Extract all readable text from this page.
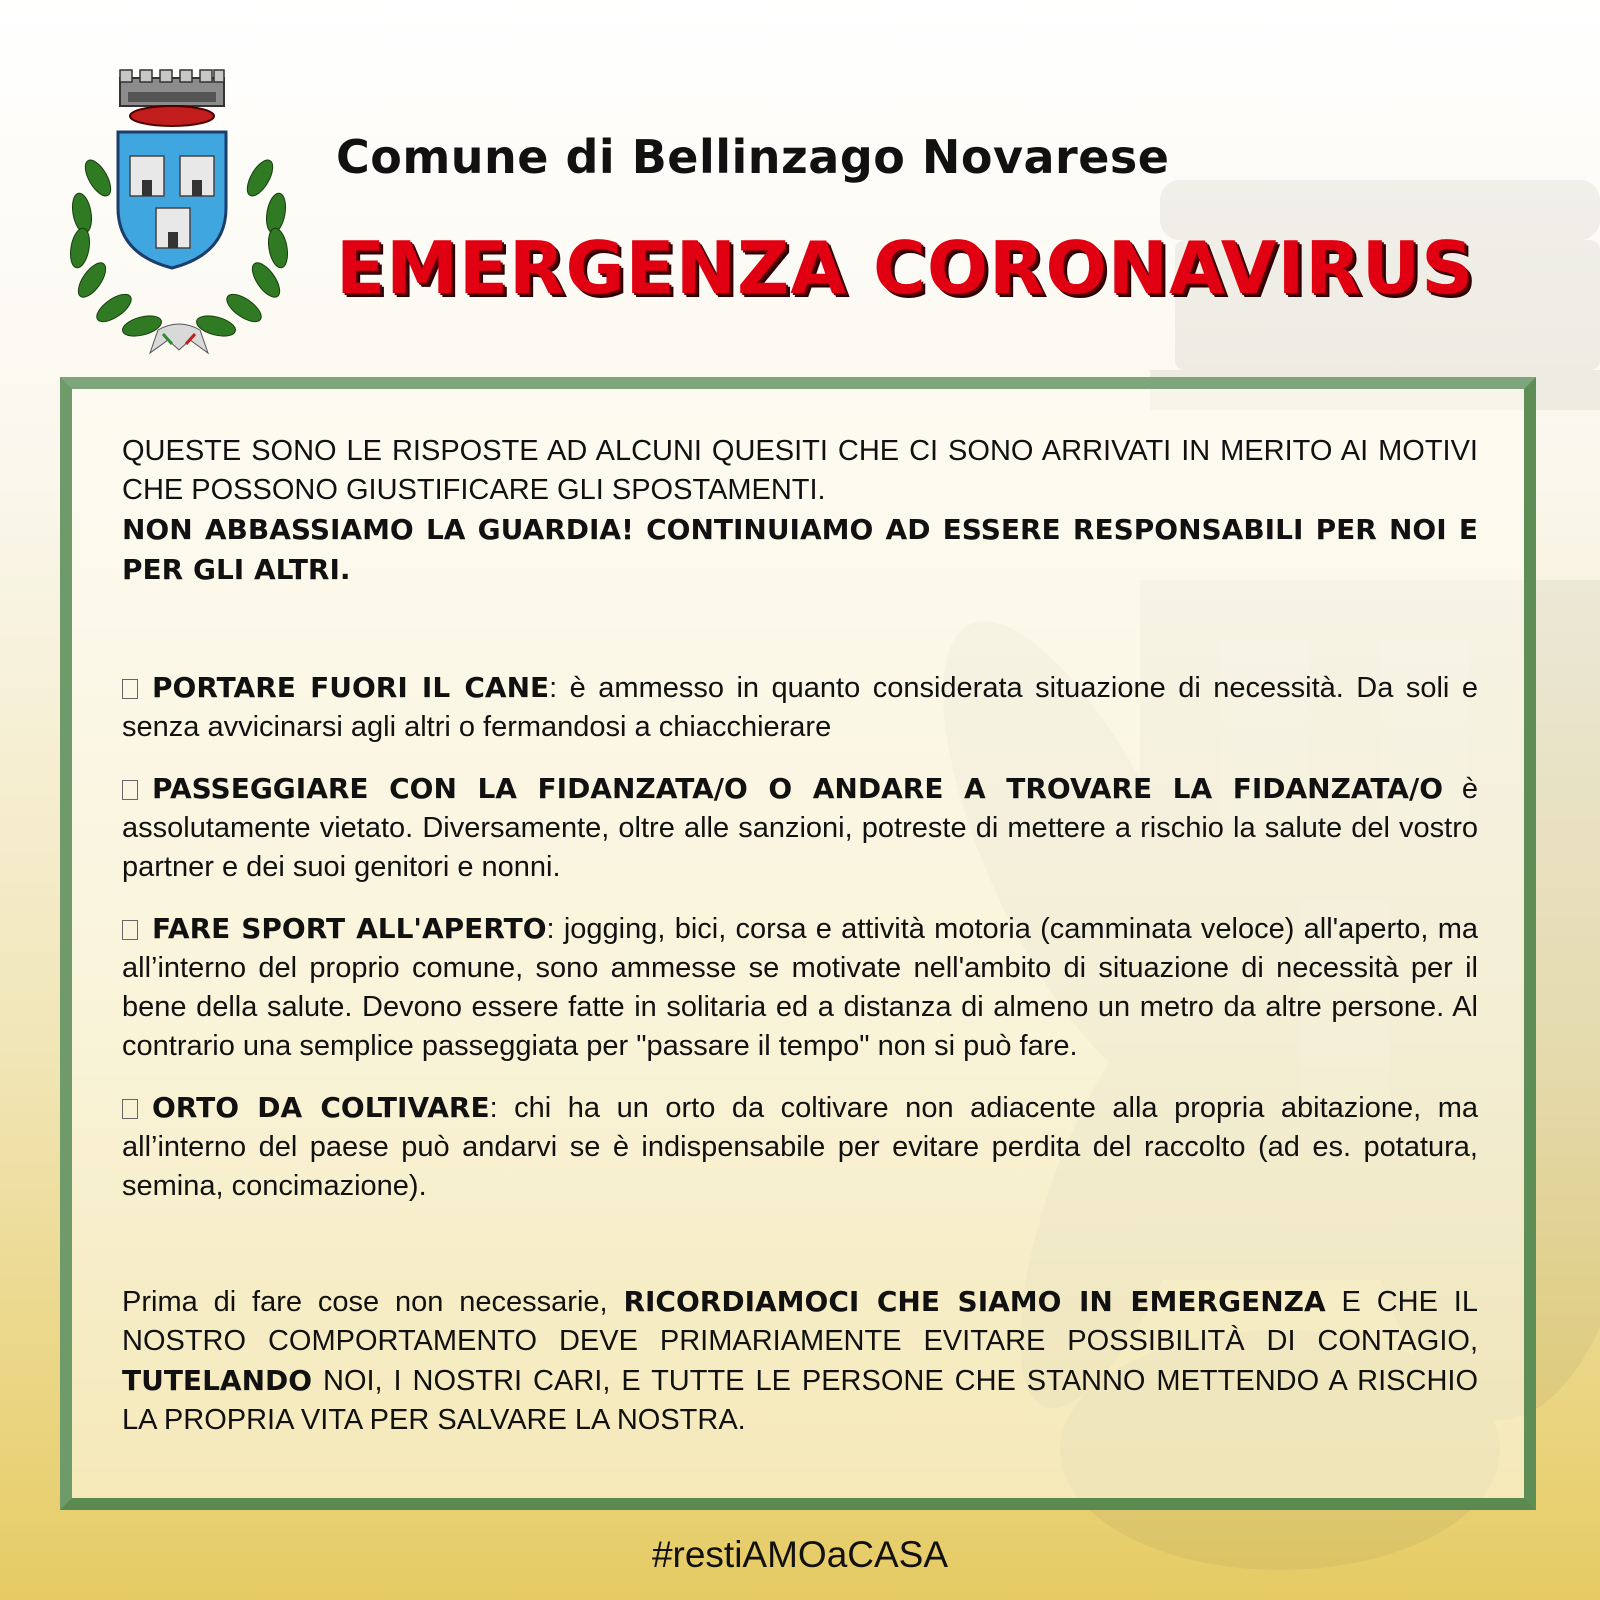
Comune di Bellinzago Novarese
EMERGENZA CORONAVIRUS

QUESTE SONO LE RISPOSTE AD ALCUNI QUESITI CHE CI SONO ARRIVATI IN MERITO AI MOTIVI CHE POSSONO GIUSTIFICARE GLI SPOSTAMENTI.
NON ABBASSIAMO LA GUARDIA! CONTINUIAMO AD ESSERE RESPONSABILI PER NOI E PER GLI ALTRI.

PORTARE FUORI IL CANE: è ammesso in quanto considerata situazione di necessità. Da soli e senza avvicinarsi agli altri o fermandosi a chiacchierare

PASSEGGIARE CON LA FIDANZATA/O O ANDARE A TROVARE LA FIDANZATA/O è assolutamente vietato. Diversamente, oltre alle sanzioni, potreste di mettere a rischio la salute del vostro partner e dei suoi genitori e nonni.

FARE SPORT ALL'APERTO: jogging, bici, corsa e attività motoria (camminata veloce) all'aperto, ma all’interno del proprio comune, sono ammesse se motivate nell'ambito di situazione di necessità per il bene della salute. Devono essere fatte in solitaria ed a distanza di almeno un metro da altre persone. Al contrario una semplice passeggiata per "passare il tempo" non si può fare.

ORTO DA COLTIVARE: chi ha un orto da coltivare non adiacente alla propria abitazione, ma all’interno del paese può andarvi se è indispensabile per evitare perdita del raccolto (ad es. potatura, semina, concimazione).

Prima di fare cose non necessarie, RICORDIAMOCI CHE SIAMO IN EMERGENZA E CHE IL NOSTRO COMPORTAMENTO DEVE PRIMARIAMENTE EVITARE POSSIBILITÀ DI CONTAGIO, TUTELANDO NOI, I NOSTRI CARI, E TUTTE LE PERSONE CHE STANNO METTENDO A RISCHIO LA PROPRIA VITA PER SALVARE LA NOSTRA.

#restiAMOaCASA
